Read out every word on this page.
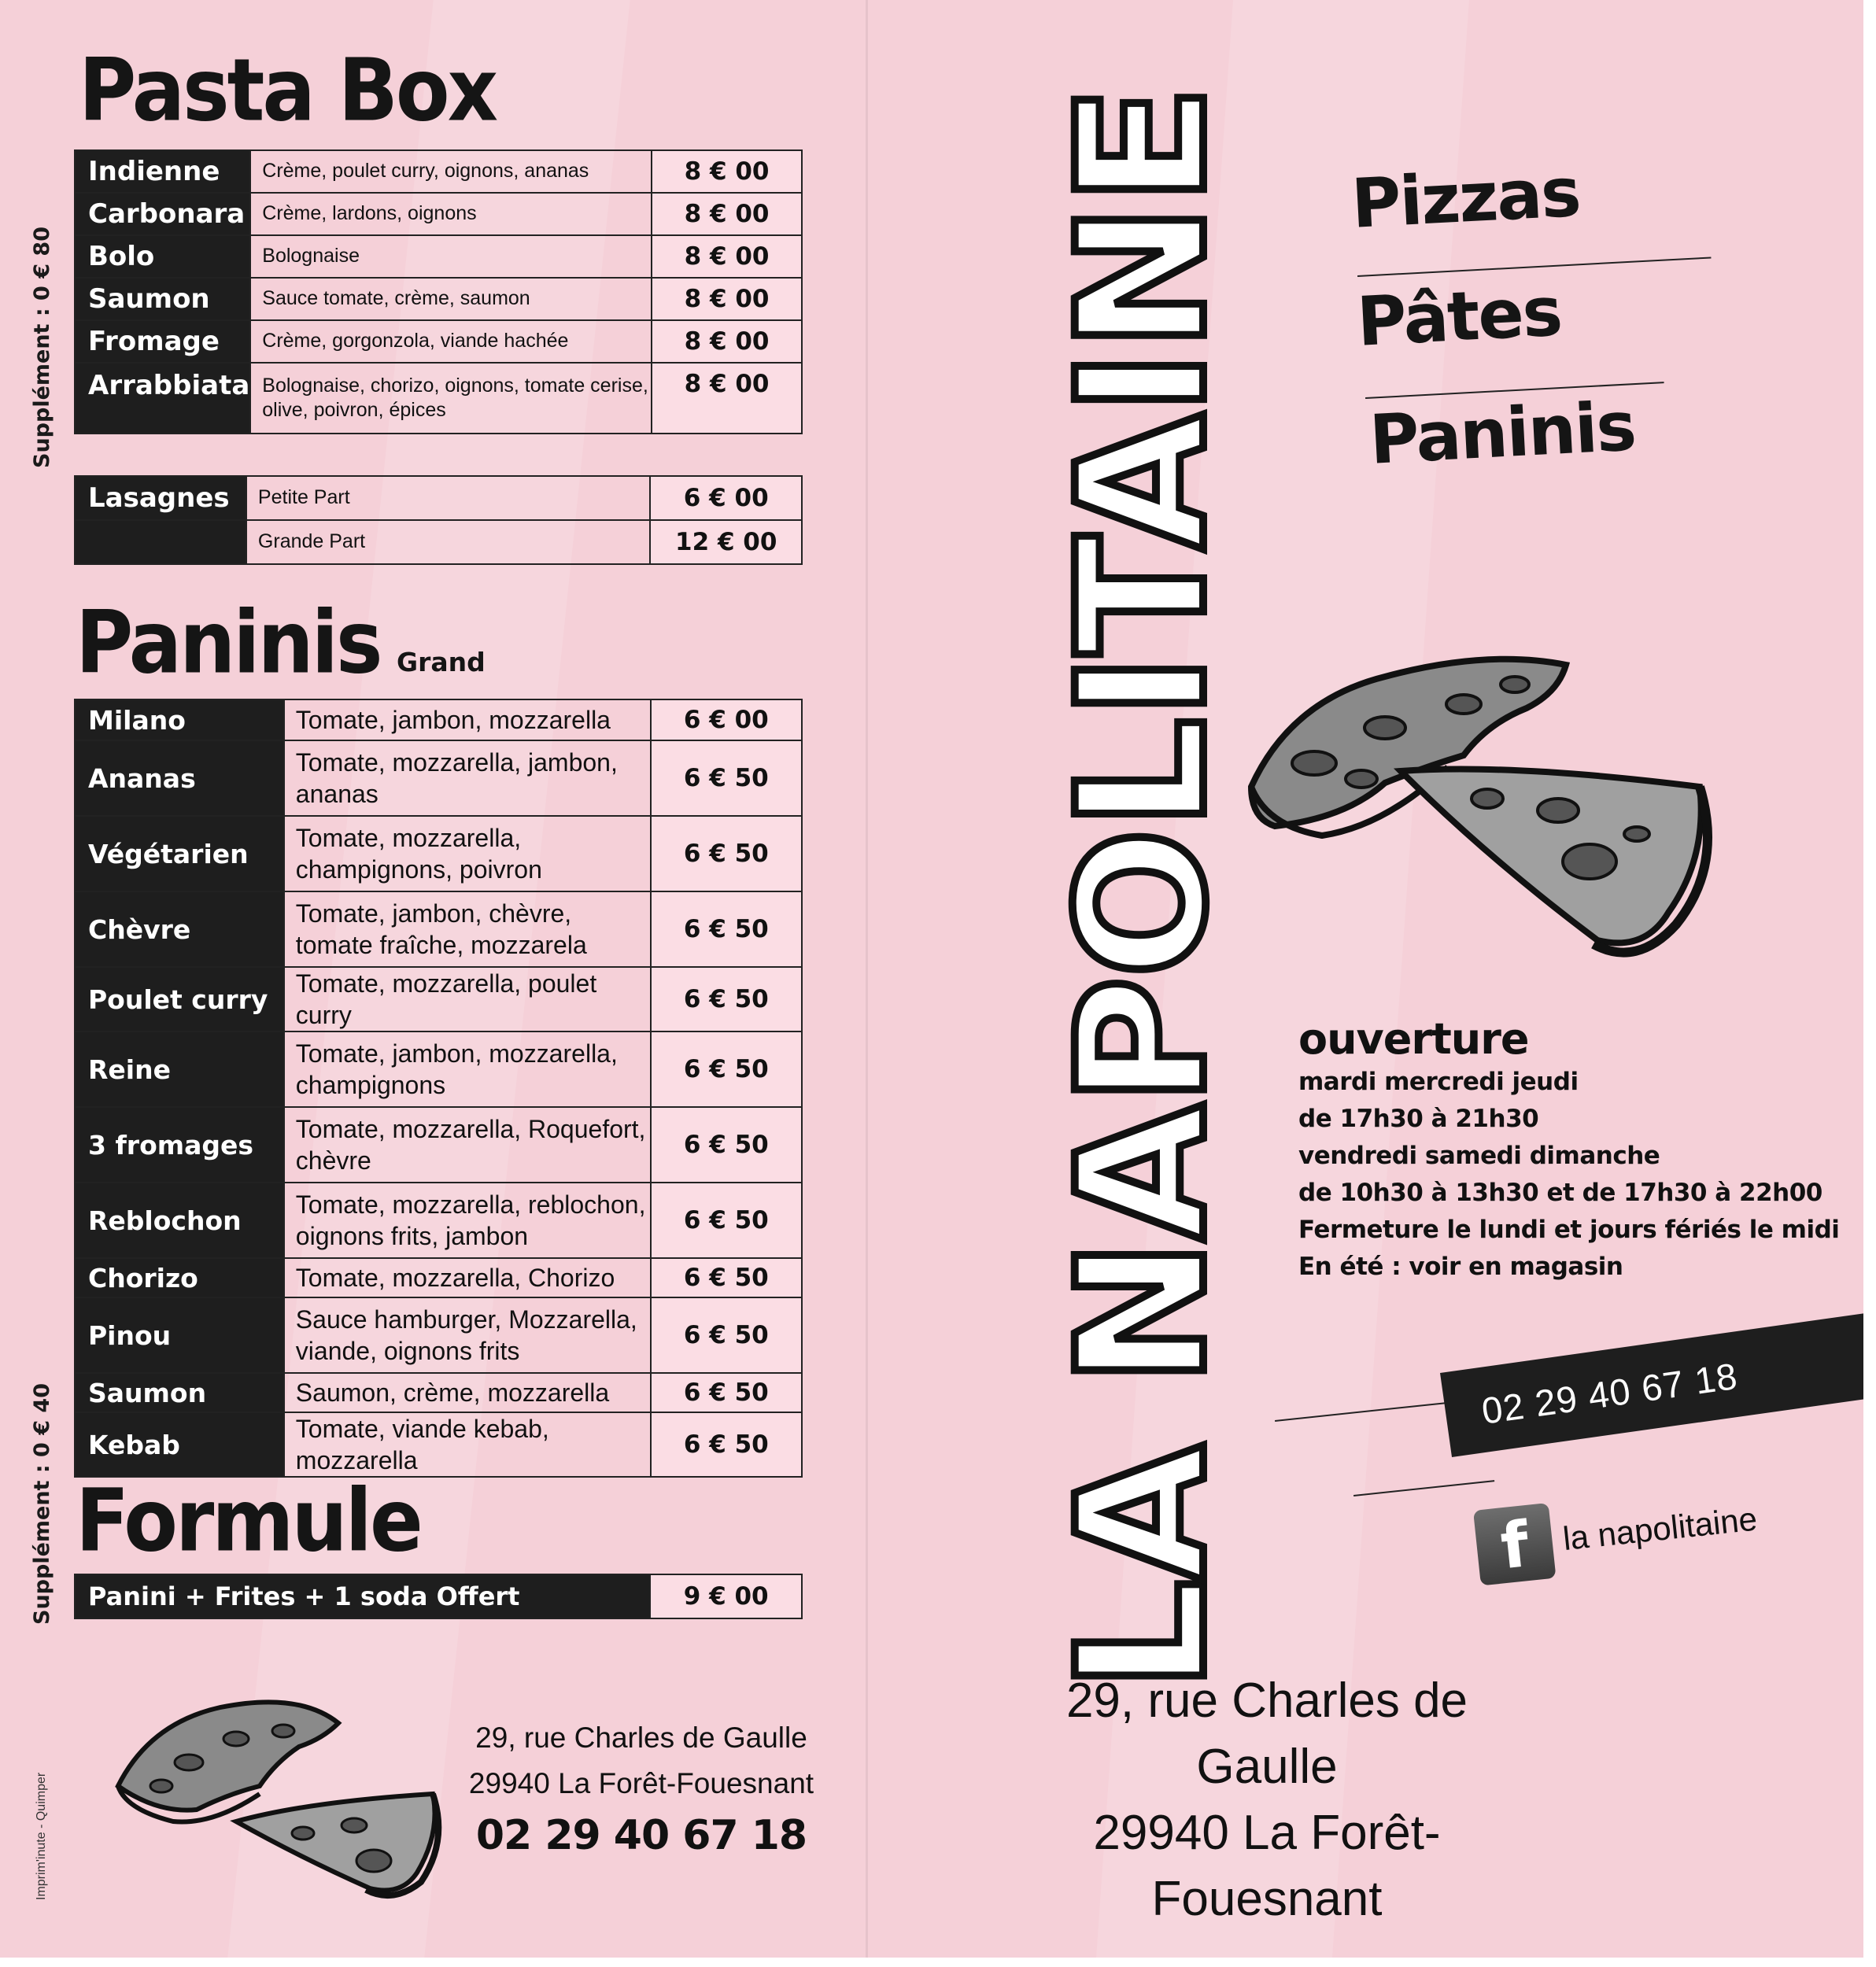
Pasta Box
Indienne	Crème, poulet curry, oignons, ananas	8 € 00
Carbonara	Crème, lardons, oignons	8 € 00
Bolo	Bolognaise	8 € 00
Saumon	Sauce tomate, crème, saumon	8 € 00
Fromage	Crème, gorgonzola, viande hachée	8 € 00
Arrabbiata	Bolognaise, chorizo, oignons, tomate cerise, olive, poivron, épices	8 € 00
Lasagnes	Petite Part	6 € 00
	Grande Part	12 € 00
Paninis Grand
Milano	Tomate, jambon, mozzarella	6 € 00
Ananas	Tomate, mozzarella, jambon, ananas	6 € 50
Végétarien	Tomate, mozzarella, champignons, poivron	6 € 50
Chèvre	Tomate, jambon, chèvre, tomate fraîche, mozzarela	6 € 50
Poulet curry	Tomate, mozzarella, poulet curry	6 € 50
Reine	Tomate, jambon, mozzarella, champignons	6 € 50
3 fromages	Tomate, mozzarella, Roquefort, chèvre	6 € 50
Reblochon	Tomate, mozzarella, reblochon, oignons frits, jambon	6 € 50
Chorizo	Tomate, mozzarella, Chorizo	6 € 50
Pinou	Sauce hamburger, Mozzarella, viande, oignons frits	6 € 50
Saumon	Saumon, crème, mozzarella	6 € 50
Kebab	Tomate, viande kebab, mozzarella	6 € 50
Formule
Panini + Frites + 1 soda Offert	9 € 00
Supplément : 0 € 80
Supplément : 0 € 40
Imprim'inute - Quimper
29, rue Charles de Gaulle
29940 La Forêt-Fouesnant
02 29 40 67 18
LA NAPOLITAINE Pizzas
Pâtes
Paninis
ouverture
mardi mercredi jeudi
de 17h30 à 21h30
vendredi samedi dimanche
de 10h30 à 13h30 et de 17h30 à 22h00
Fermeture le lundi et jours fériés le midi
En été : voir en magasin
02 29 40 67 18
f la napolitaine
29, rue Charles de Gaulle
29940 La Forêt-Fouesnant
